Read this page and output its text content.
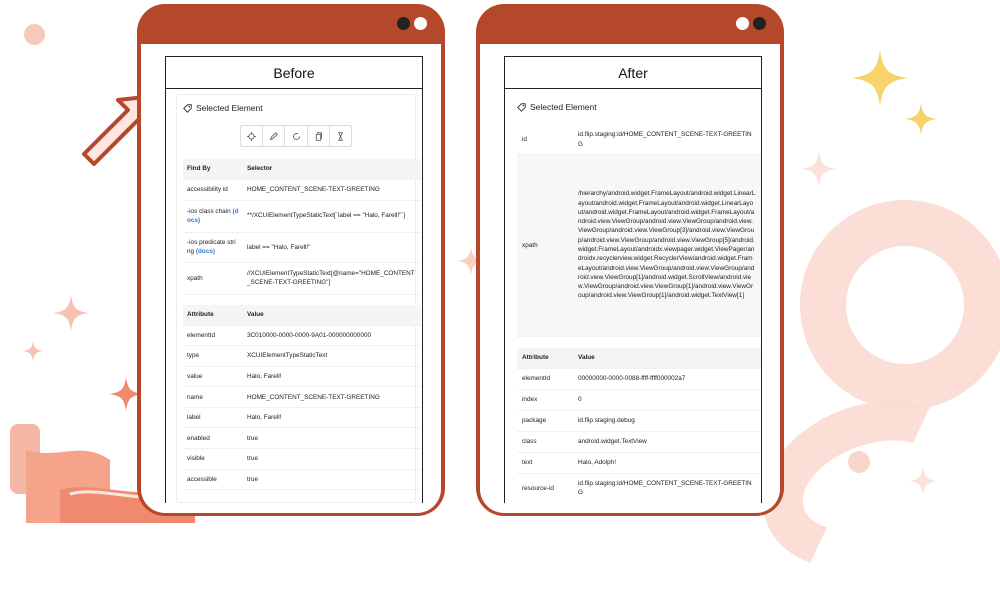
Before
Selected Element
Find By	Selector
accessibility id	HOME_CONTENT_SCENE-TEXT-GREETING
-ios class chain (docs)	**/XCUIElementTypeStaticText[`label == "Halo, Farell!"`]
-ios predicate string (docs)	label == "Halo, Farell!"
xpath	//XCUIElementTypeStaticText[@name="HOME_CONTENT_SCENE-TEXT-GREETING"]
Attribute	Value
elementId	3C010000-0000-0000-9A01-000000000000
type	XCUIElementTypeStaticText
value	Halo, Farell!
name	HOME_CONTENT_SCENE-TEXT-GREETING
label	Halo, Farell!
enabled	true
visible	true
accessible	true
After
Selected Element
id	id.flip.staging:id/HOME_CONTENT_SCENE-TEXT-GREETING
xpath	/hierarchy/android.widget.FrameLayout/android.widget.LinearLayout/android.widget.FrameLayout/android.widget.LinearLayout/android.widget.FrameLayout/android.widget.FrameLayout/android.view.ViewGroup/android.view.ViewGroup/android.view.ViewGroup/android.view.ViewGroup[3]/android.view.ViewGroup/android.view.ViewGroup/android.view.ViewGroup[5]/android.widget.FrameLayout/androidx.viewpager.widget.ViewPager/androidx.recyclerview.widget.RecyclerView/android.widget.FrameLayout/android.view.ViewGroup/android.view.ViewGroup/android.view.ViewGroup[1]/android.widget.ScrollView/android.view.ViewGroup/android.view.ViewGroup[1]/android.view.ViewGroup/android.view.ViewGroup[1]/android.widget.TextView[1]
Attribute	Value
elementId	00000000-0000-0088-ffff-ffff000002a7
index	0
package	id.flip.staging.debug
class	android.widget.TextView
text	Halo, Adolph!
resource-id	id.flip.staging:id/HOME_CONTENT_SCENE-TEXT-GREETING
